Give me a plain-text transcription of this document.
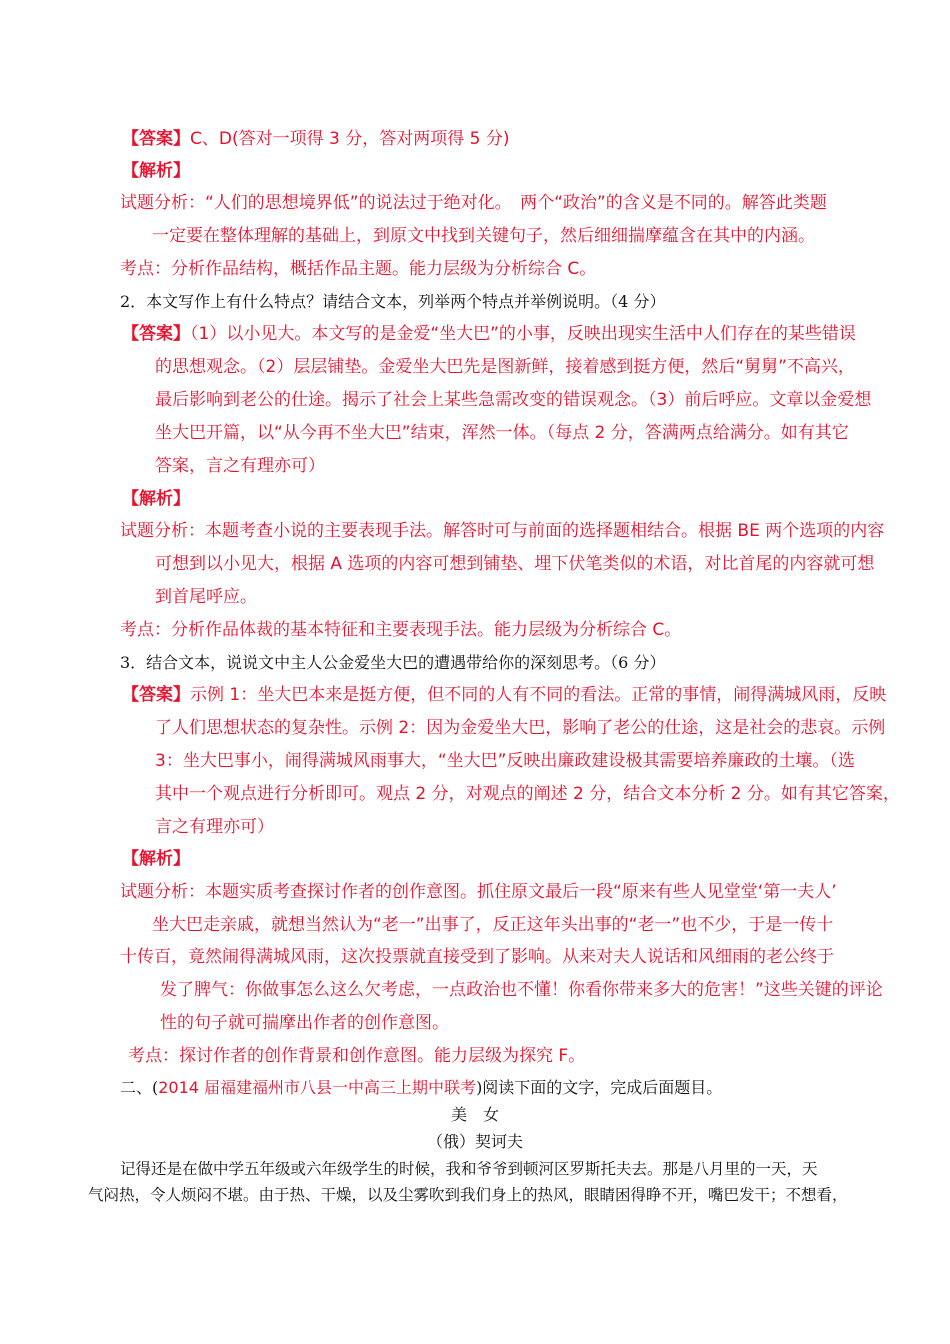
【答案】C、D(答对一项得 3 分，答对两项得 5 分)
【解析】
试题分析：“人们的思想境界低”的说法过于绝对化。　两个“政治”的含义是不同的。解答此类题
一定要在整体理解的基础上，到原文中找到关键句子，然后细细揣摩蕴含在其中的内涵。
考点：分析作品结构，概括作品主题。能力层级为分析综合 C。
2．本文写作上有什么特点？请结合文本，列举两个特点并举例说明。（4 分）
【答案】（1）以小见大。本文写的是金爱“坐大巴”的小事，反映出现实生活中人们存在的某些错误
的思想观念。（2）层层铺垫。金爱坐大巴先是图新鲜，接着感到挺方便，然后“舅舅”不高兴，
最后影响到老公的仕途。揭示了社会上某些急需改变的错误观念。（3）前后呼应。文章以金爱想
坐大巴开篇，以“从今再不坐大巴”结束，浑然一体。（每点 2 分，答满两点给满分。如有其它
答案，言之有理亦可）
【解析】
试题分析：本题考查小说的主要表现手法。解答时可与前面的选择题相结合。根据 BE 两个选项的内容
可想到以小见大，根据 A 选项的内容可想到铺垫、埋下伏笔类似的术语，对比首尾的内容就可想
到首尾呼应。
考点：分析作品体裁的基本特征和主要表现手法。能力层级为分析综合 C。
3．结合文本，说说文中主人公金爱坐大巴的遭遇带给你的深刻思考。（6 分）
【答案】示例 1：坐大巴本来是挺方便，但不同的人有不同的看法。正常的事情，闹得满城风雨，反映
了人们思想状态的复杂性。示例 2：因为金爱坐大巴，影响了老公的仕途，这是社会的悲哀。示例
3：坐大巴事小，闹得满城风雨事大，“坐大巴”反映出廉政建设极其需要培养廉政的土壤。（选
其中一个观点进行分析即可。观点 2 分，对观点的阐述 2 分，结合文本分析 2 分。如有其它答案，
言之有理亦可）
【解析】
试题分析：本题实质考查探讨作者的创作意图。抓住原文最后一段“原来有些人见堂堂‘第一夫人’
坐大巴走亲戚，就想当然认为“老一”出事了，反正这年头出事的“老一”也不少，于是一传十
十传百，竟然闹得满城风雨，这次投票就直接受到了影响。从来对夫人说话和风细雨的老公终于
发了脾气：你做事怎么这么欠考虑，一点政治也不懂！你看你带来多大的危害！”这些关键的评论
性的句子就可揣摩出作者的创作意图。
考点：探讨作者的创作背景和创作意图。能力层级为探究 F。
二、(2014 届福建福州市八县一中高三上期中联考)阅读下面的文字，完成后面题目。
美　女
（俄）契诃夫
记得还是在做中学五年级或六年级学生的时候，我和爷爷到顿河区罗斯托夫去。那是八月里的一天，天
气闷热，令人烦闷不堪。由于热、干燥，以及尘雾吹到我们身上的热风，眼睛困得睁不开，嘴巴发干；不想看，
